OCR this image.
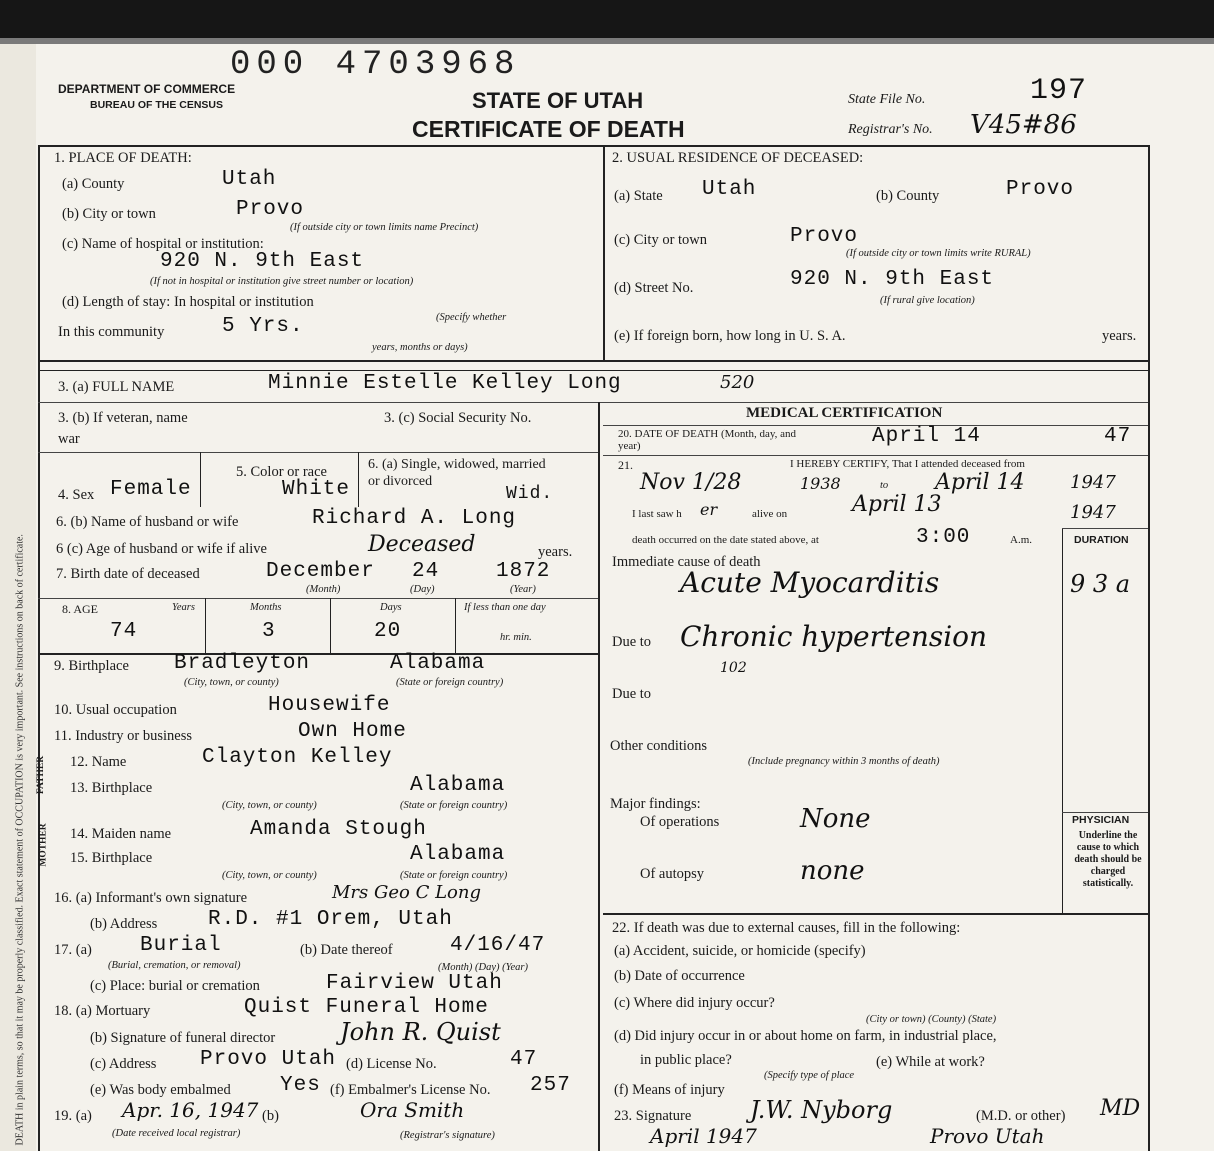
DEATH in plain terms, so that it may be properly classified. Exact statement of OCCUPATION is very important. See instructions on back of certificate.
000 4703968
DEPARTMENT OF COMMERCE
BUREAU OF THE CENSUS	STATE OF UTAH
CERTIFICATE OF DEATH
State File No.	197
Registrar's No. V45#86
1. PLACE OF DEATH:
(a) County	Utah
(b) City or town	Provo
(c) Name of hospital or institution:
(If outside city or town limits name Precinct)
920 N. 9th East
(If not in hospital or institution give street number or location)
(d) Length of stay: In hospital or institution
(Specify whether
In this community	5 Yrs.
years, months or days)
2. USUAL RESIDENCE OF DECEASED:
(a) State Utah	(b) County	Provo
(c) City or town	Provo
(If outside city or town limits write RURAL)
(d) Street No.	920 N. 9th East
(If rural give location)
(e) If foreign born, how long in U. S. A.	years.
3. (a) FULL NAME	Minnie Estelle Kelley Long	520
3. (b) If veteran, name war
3. (c) Social Security No.
4. Sex Female
5. Color or race
White
6. (a) Single, widowed, married or divorced
Wid.
6. (b) Name of husband or wife	Richard A. Long
6 (c) Age of husband or wife if alive	Deceased	years.
7. Birth date of deceased	December 24	1872
(Month)	(Day)	(Year)
8. AGE	Years	Months	Days	If less than one day
hr. min.
74	3	20
9. Birthplace Bradleyton	Alabama
(City, town, or county)	(State or foreign country)
10. Usual occupation	Housewife
11. Industry or business	Own Home
FATHER
MOTHER
12. Name	Clayton Kelley
13. Birthplace	Alabama
(City, town, or county)	(State or foreign country)
14. Maiden name	Amanda Stough
15. Birthplace	Alabama
(City, town, or county)	(State or foreign country)
16. (a) Informant's own signature	Mrs Geo C Long
(b) Address R.D. #1 Orem, Utah
17. (a) Burial
(Burial, cremation, or removal)
(b) Date thereof	4/16/47
(Month) (Day) (Year)
(c) Place: burial or cremation	Fairview Utah
18. (a) Mortuary	Quist Funeral Home
(b) Signature of funeral director	John R. Quist
(c) Address Provo Utah (d) License No.	47
(e) Was body embalmed Yes (f) Embalmer's License No. 257
19. (a) Apr. 16, 1947 (b)	Ora Smith
(Date received local registrar)	(Registrar's signature)
MEDICAL CERTIFICATION
20. DATE OF DEATH (Month, day, and year)	April 14	47
21.	I HEREBY CERTIFY, That I attended deceased from
Nov 1/28	1938	to April 14	1947
I last saw h er	alive on	April 13	1947
death occurred on the date stated above, at	3:00	A.m.	DURATION
Immediate cause of death
Acute Myocarditis	9 3 a
Due to Chronic hypertension
102
Due to
Other conditions
(Include pregnancy within 3 months of death)
Major findings:
Of operations	None
Of autopsy	none
PHYSICIAN
Underline the cause to which death should be charged statistically.
22. If death was due to external causes, fill in the following:
(a) Accident, suicide, or homicide (specify)
(b) Date of occurrence
(c) Where did injury occur?
(City or town) (County) (State)
(d) Did injury occur in or about home on farm, in industrial place,
in public place?
(Specify type of place
(e) While at work?
(f) Means of injury
23. Signature J.W. Nyborg	(M.D. or other) MD
April 1947	Provo Utah
